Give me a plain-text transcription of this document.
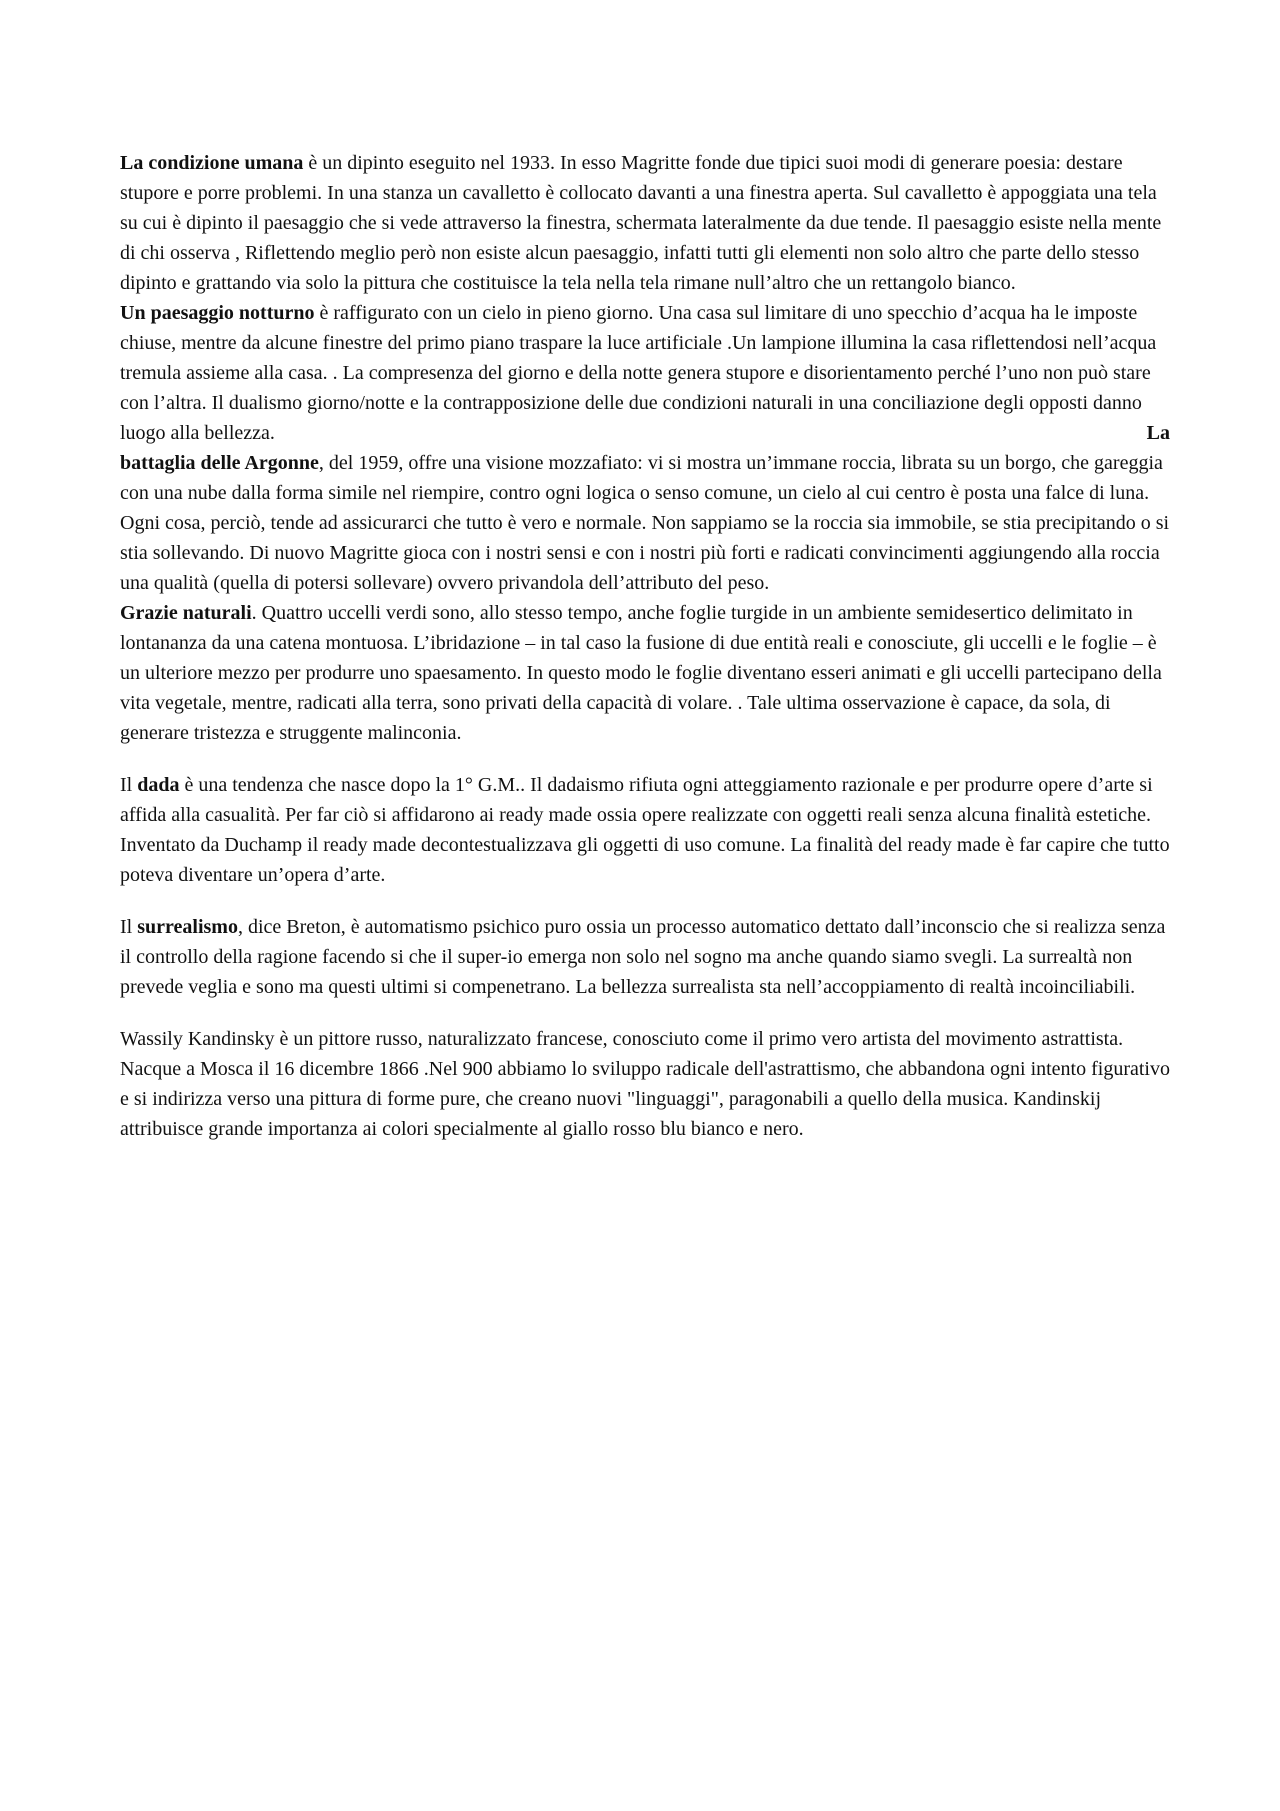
La condizione umana è un dipinto eseguito nel 1933. In esso Magritte fonde due tipici suoi modi di generare poesia: destare stupore e porre problemi. In una stanza un cavalletto è collocato davanti a una finestra aperta. Sul cavalletto è appoggiata una tela su cui è dipinto il paesaggio che si vede attraverso la finestra, schermata lateralmente da due tende. Il paesaggio esiste nella mente di chi osserva , Riflettendo meglio però non esiste alcun paesaggio, infatti tutti gli elementi non solo altro che parte dello stesso dipinto e grattando via solo la pittura che costituisce la tela nella tela rimane null’altro che un rettangolo bianco.

Un paesaggio notturno è raffigurato con un cielo in pieno giorno. Una casa sul limitare di uno specchio d’acqua ha le imposte chiuse, mentre da alcune finestre del primo piano traspare la luce artificiale .Un lampione illumina la casa riflettendosi nell’acqua tremula assieme alla casa. . La compresenza del giorno e della notte genera stupore e disorientamento perché l’uno non può stare con l’altra. Il dualismo giorno/notte e la contrapposizione delle due condizioni naturali in una conciliazione degli opposti danno luogo alla bellezza.	La

battaglia delle Argonne, del 1959, offre una visione mozzafiato: vi si mostra un’immane roccia, librata su un borgo, che gareggia con una nube dalla forma simile nel riempire, contro ogni logica o senso comune, un cielo al cui centro è posta una falce di luna. Ogni cosa, perciò, tende ad assicurarci che tutto è vero e normale. Non sappiamo se la roccia sia immobile, se stia precipitando o si stia sollevando. Di nuovo Magritte gioca con i nostri sensi e con i nostri più forti e radicati convincimenti aggiungendo alla roccia una qualità (quella di potersi sollevare) ovvero privandola dell’attributo del peso.

Grazie naturali. Quattro uccelli verdi sono, allo stesso tempo, anche foglie turgide in un ambiente semidesertico delimitato in lontananza da una catena montuosa. L’ibridazione – in tal caso la fusione di due entità reali e conosciute, gli uccelli e le foglie – è un ulteriore mezzo per produrre uno spaesamento. In questo modo le foglie diventano esseri animati e gli uccelli partecipano della vita vegetale, mentre, radicati alla terra, sono privati della capacità di volare. . Tale ultima osservazione è capace, da sola, di generare tristezza e struggente malinconia.

Il dada è una tendenza che nasce dopo la 1° G.M.. Il dadaismo rifiuta ogni atteggiamento razionale e per produrre opere d’arte si affida alla casualità. Per far ciò si affidarono ai ready made ossia opere realizzate con oggetti reali senza alcuna finalità estetiche. Inventato da Duchamp il ready made decontestualizzava gli oggetti di uso comune. La finalità del ready made è far capire che tutto poteva diventare un’opera d’arte.

Il surrealismo, dice Breton, è automatismo psichico puro ossia un processo automatico dettato dall’inconscio che si realizza senza il controllo della ragione facendo si che il super-io emerga non solo nel sogno ma anche quando siamo svegli. La surrealtà non prevede veglia e sono ma questi ultimi si compenetrano. La bellezza surrealista sta nell’accoppiamento di realtà incoinciliabili.

Wassily Kandinsky è un pittore russo, naturalizzato francese, conosciuto come il primo vero artista del movimento astrattista. Nacque a Mosca il 16 dicembre 1866 .Nel 900 abbiamo lo sviluppo radicale dell'astrattismo, che abbandona ogni intento figurativo e si indirizza verso una pittura di forme pure, che creano nuovi "linguaggi", paragonabili a quello della musica. Kandinskij attribuisce grande importanza ai colori specialmente al giallo rosso blu bianco e nero.
